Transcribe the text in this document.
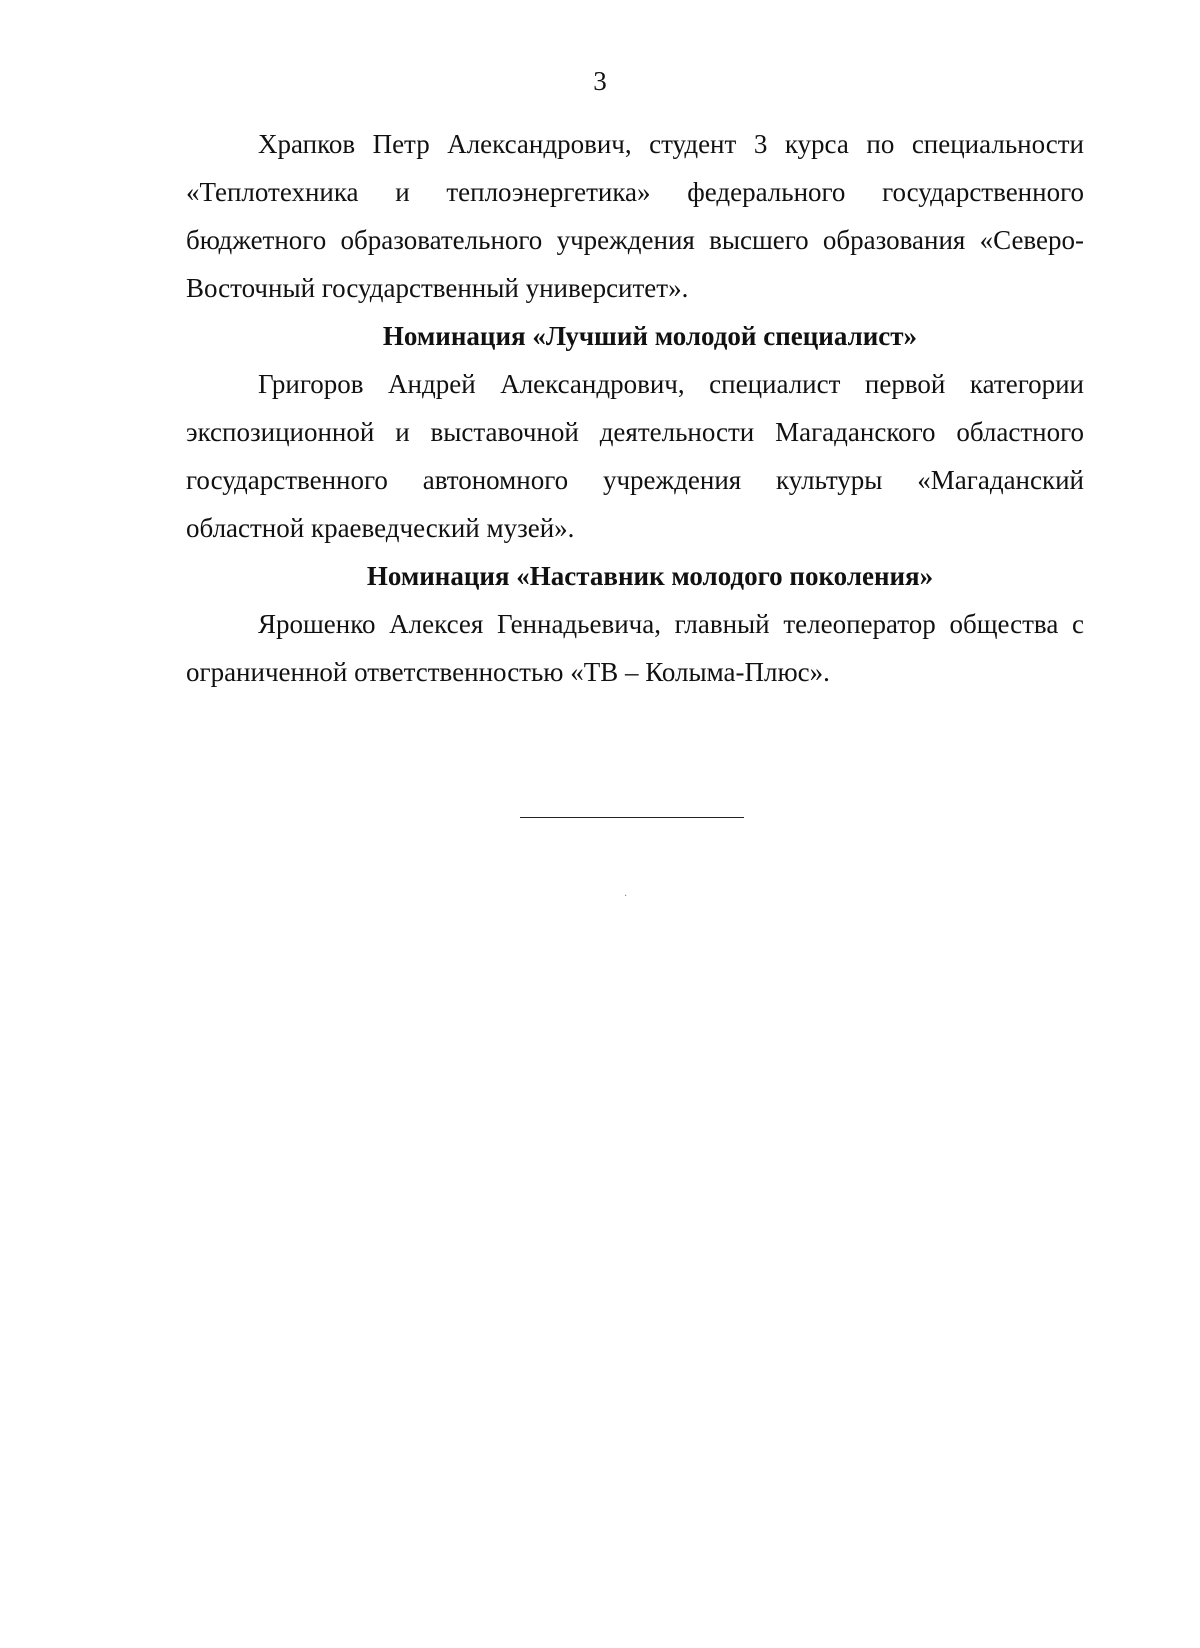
3

Храпков Петр Александрович, студент 3 курса по специальности «Теплотехника и теплоэнергетика» федерального государственного бюджетного образовательного учреждения высшего образования «Северо-Восточный государственный университет».

Номинация «Лучший молодой специалист»

Григоров Андрей Александрович, специалист первой категории экспозиционной и выставочной деятельности Магаданского областного государственного автономного учреждения культуры «Магаданский областной краеведческий музей».

Номинация «Наставник молодого поколения»

Ярошенко Алексея Геннадьевича, главный телеоператор общества с ограниченной ответственностью «ТВ – Колыма-Плюс».

·
